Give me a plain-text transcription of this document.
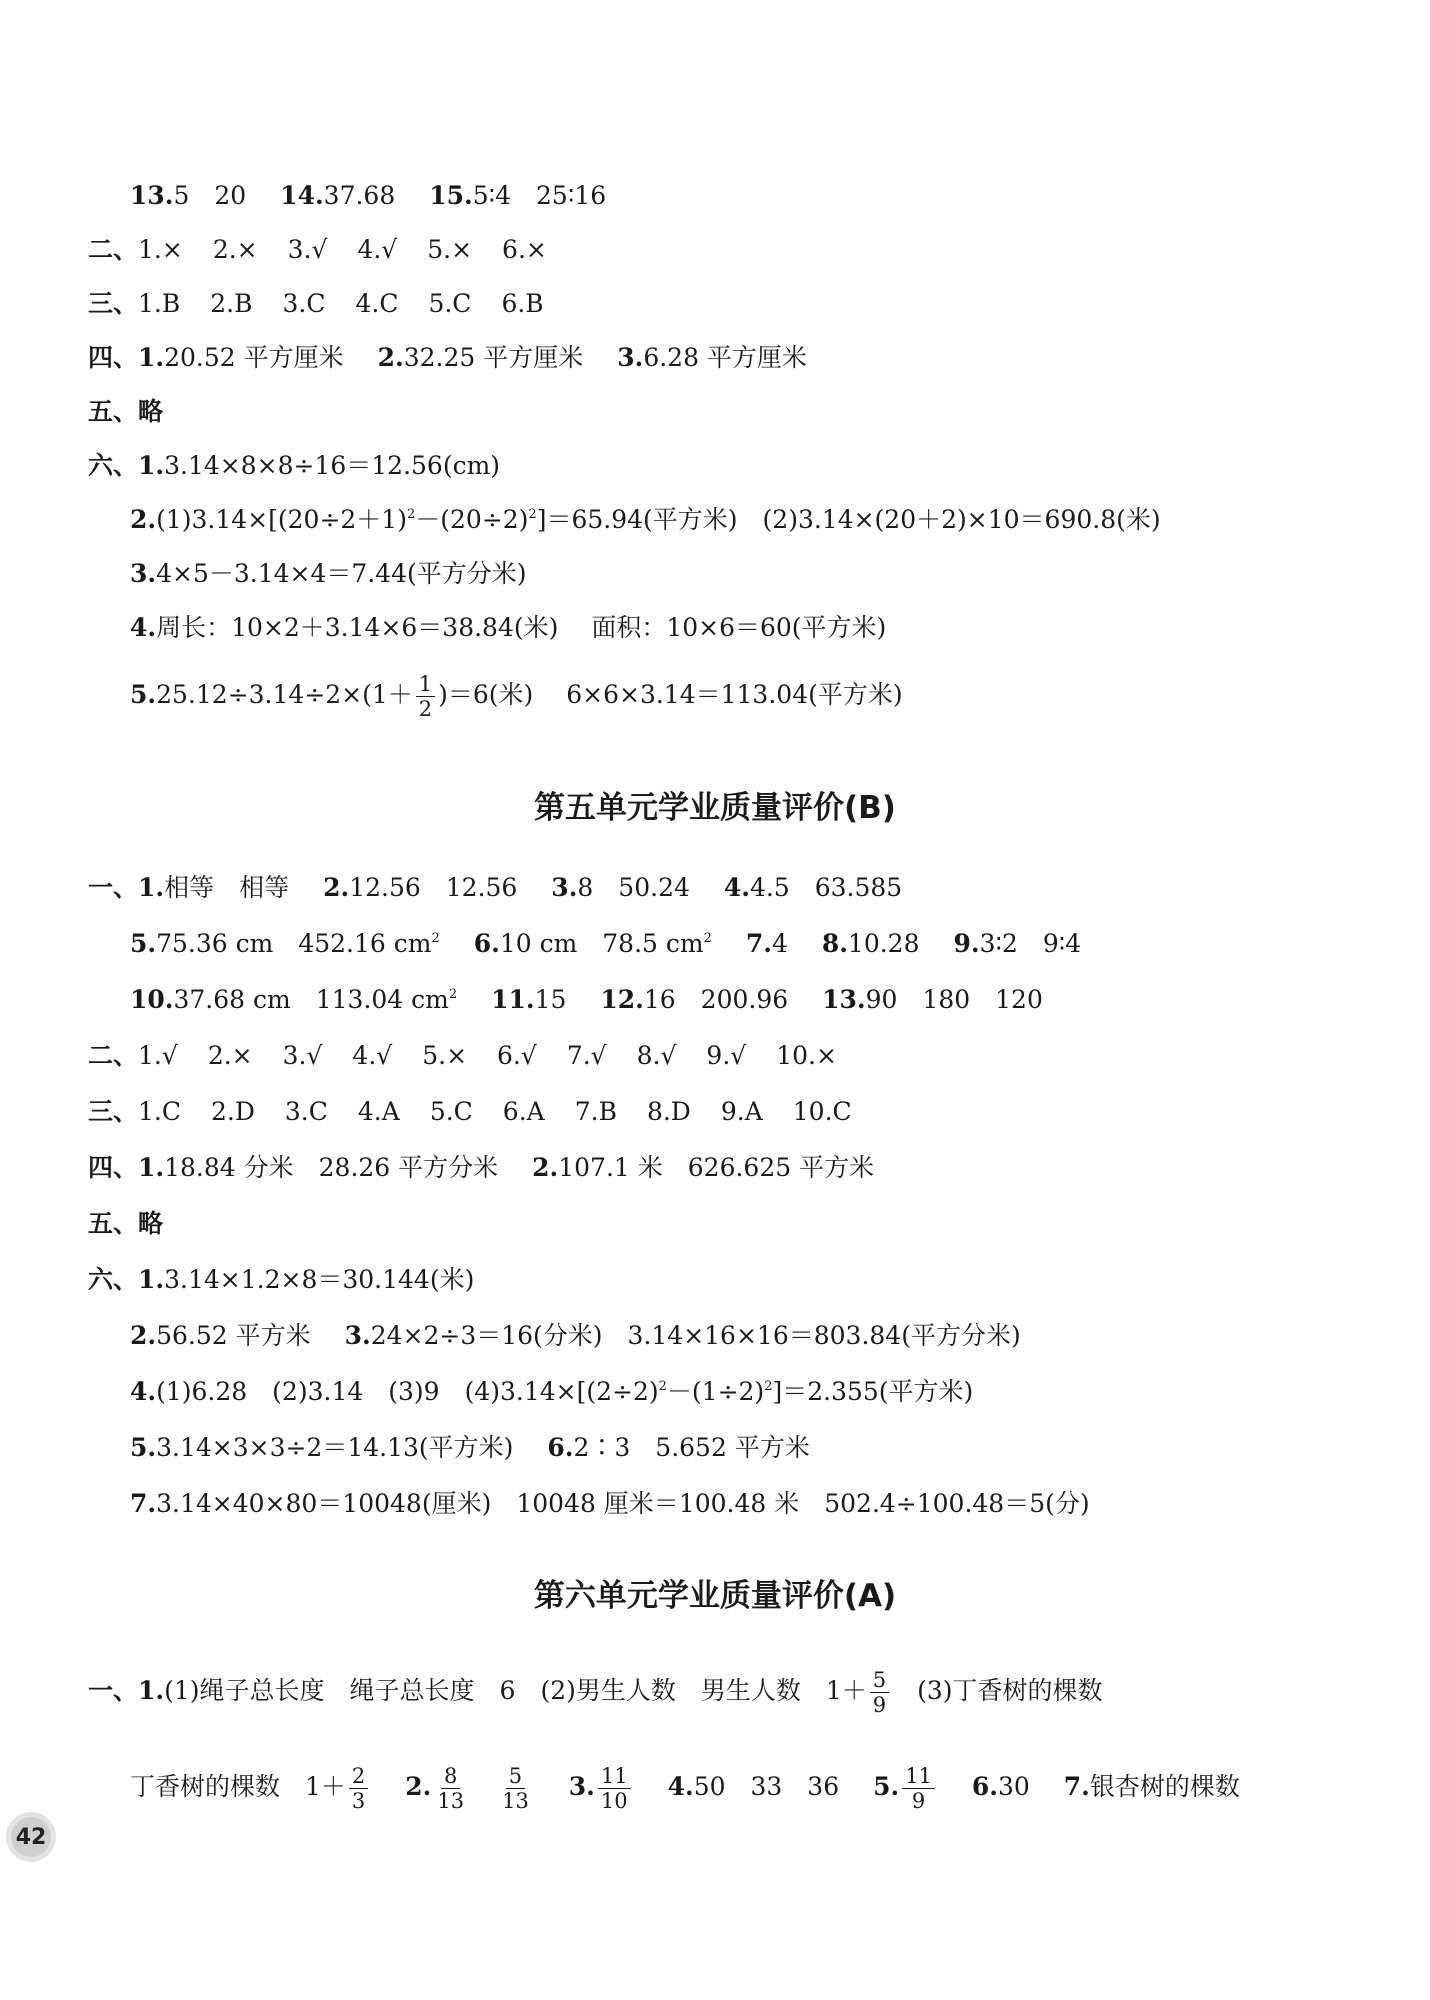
13.5　20 14.37.68 15.5∶4　25∶16
二、1.× 2.× 3.√ 4.√ 5.× 6.×
三、1.B 2.B 3.C 4.C 5.C 6.B
四、1.20.52 平方厘米 2.32.25 平方厘米 3.6.28 平方厘米
五、略
六、1.3.14×8×8÷16＝12.56(cm)
$2.(1)3.14\times[(20\div 2+1)^2-(20\div 2)^2]=65.94$(平方米)　(2)3.14×(20＋2)×10＝690.8(米)
3.4×5－3.14×4＝7.44(平方分米)
4.周长：10×2＋3.14×6＝38.84(米)　 面积：10×6＝60(平方米)
$5.25.12\div 3.14\div 2\times(1+ \frac{1}{2} )=6$(米)　 6×6×3.14＝113.04(平方米)
第五单元学业质量评价(B)
一、1.相等　相等 2.12.56　12.56 3.8　50.24 4.4.5　63.585
5.75.36 cm　452.16 $cm^2$ 6.10 cm　78.5 $cm^2$ 7.4 8.10.28 9.3∶2　9∶4
10.37.68 cm　113.04 $cm^2$ 11.15 12.16　200.96 13.90　180　120
二、1.√ 2.× 3.√ 4.√ 5.× 6.√ 7.√ 8.√ 9.√ 10.×
三、1.C 2.D 3.C 4.A 5.C 6.A 7.B 8.D 9.A 10.C
四、1.18.84 分米　28.26 平方分米 2.107.1 米　626.625 平方米
五、略
六、1.3.14×1.2×8＝30.144(米)
2.56.52 平方米 3.24×2÷3＝16(分米)　3.14×16×16＝803.84(平方分米)
4.(1)6.28　(2)3.14　(3)9　$(4)3.14\times[(2\div 2)^2-(1\div 2)^2]=2.355$(平方米)
5.3.14×3×3÷2＝14.13(平方米) 6.2∶3　5.652 平方米
7.3.14×40×80＝10048(厘米)　10048 厘米＝100.48 米　502.4÷100.48＝5(分)
第六单元学业质量评价(A)
一、1.(1)绳子总长度　绳子总长度　6　(2)男生人数　男生人数　$1+ \frac{5}{9}$ 　(3)丁香树的棵数
丁香树的棵数　$1+ \frac{2}{3} 2$. $\frac{8}{13} \frac{5}{13} 3$. $\frac{11}{10} 4.50$　33　36 5. $\frac{11}{9} 6.30$ 7.银杏树的棵数
42
